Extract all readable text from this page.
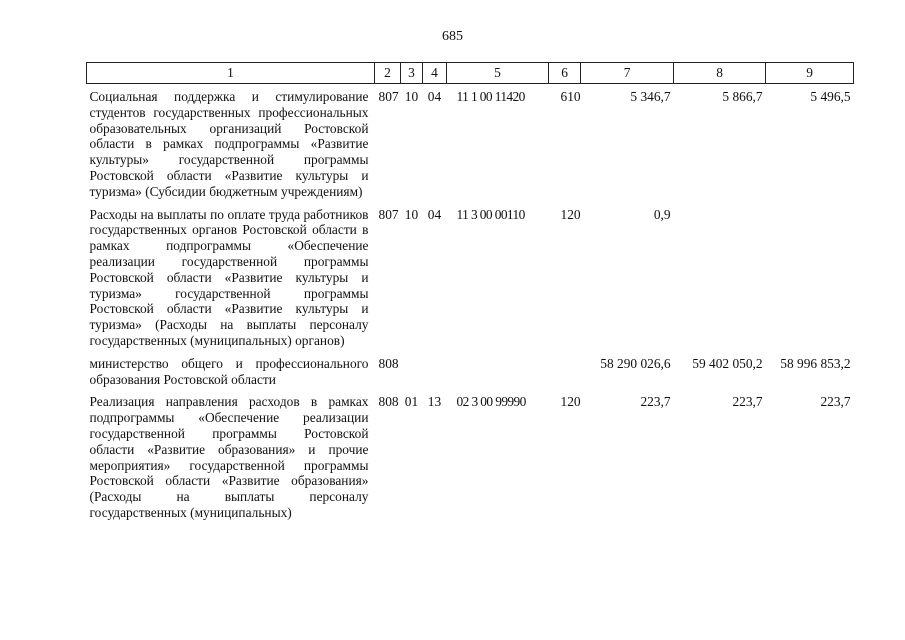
685
1	2	3	4	5	6	7	8	9
Социальная поддержка и стимулирование студентов государственных профессиональных образовательных организаций Ростовской области в рамках подпрограммы «Развитие культуры» государственной программы Ростовской области «Развитие культуры и туризма» (Субсидии бюджетным учреждениям)	807	10	04	11 1 00 11420	610	5 346,7	5 866,7	5 496,5
Расходы на выплаты по оплате труда работников государственных органов Ростовской области в рамках подпрограммы «Обеспечение реализации государственной программы Ростовской области «Развитие культуры и туризма» государственной программы Ростовской области «Развитие культуры и туризма» (Расходы на выплаты персоналу государственных (муниципальных) органов)	807	10	04	11 3 00 00110	120	0,9		
министерство общего и профессионального образования Ростовской области	808					58 290 026,6	59 402 050,2	58 996 853,2
Реализация направления расходов в рамках подпрограммы «Обеспечение реализации государственной программы Ростовской области «Развитие образования» и прочие мероприятия» государственной программы Ростовской области «Развитие образования» (Расходы на выплаты персоналу государственных (муниципальных)	808	01	13	02 3 00 99990	120	223,7	223,7	223,7
